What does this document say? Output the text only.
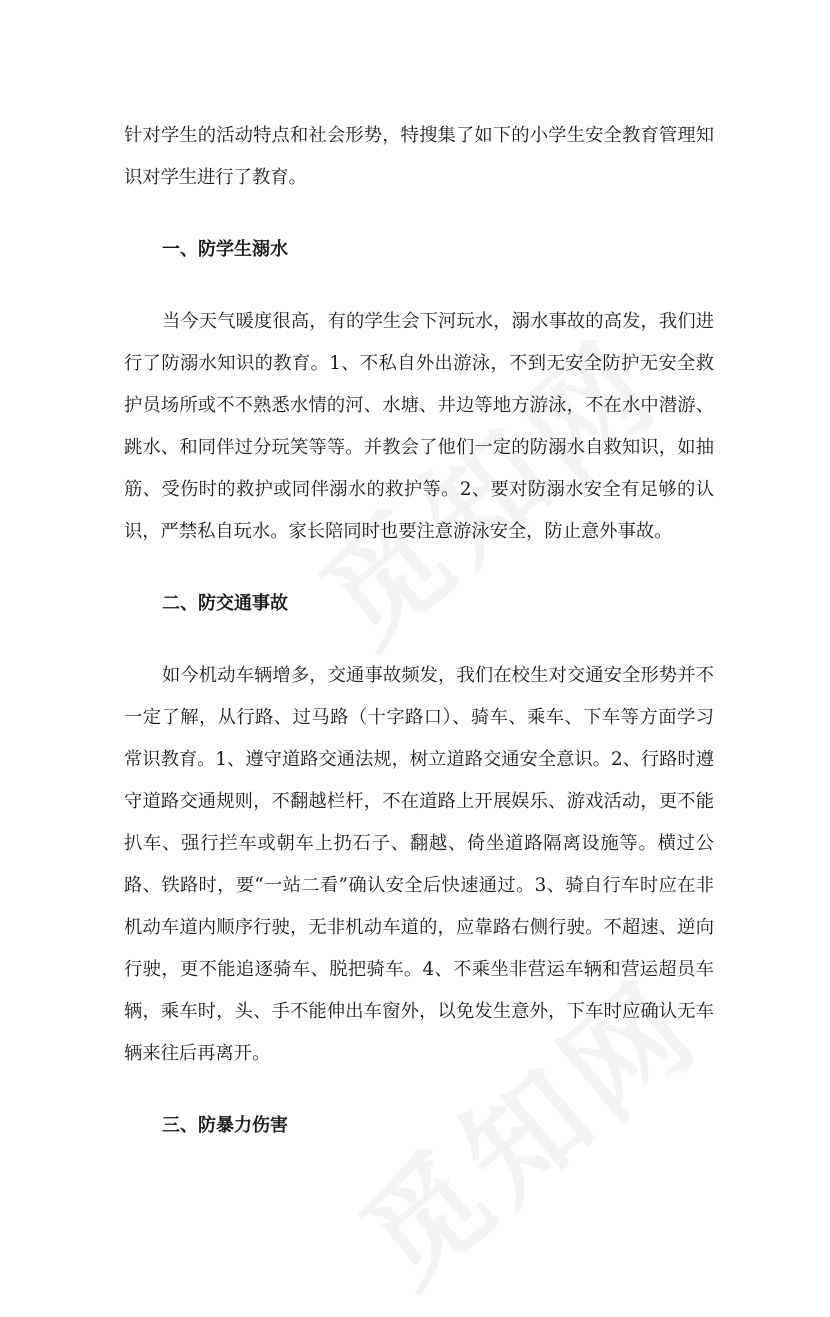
针对学生的活动特点和社会形势，特搜集了如下的小学生安全教育管理知识对学生进行了教育。

一、防学生溺水

当今天气暖度很高，有的学生会下河玩水，溺水事故的高发，我们进行了防溺水知识的教育。1、不私自外出游泳，不到无安全防护无安全救护员场所或不不熟悉水情的河、水塘、井边等地方游泳，不在水中潜游、跳水、和同伴过分玩笑等等。并教会了他们一定的防溺水自救知识，如抽筋、受伤时的救护或同伴溺水的救护等。2、要对防溺水安全有足够的认识，严禁私自玩水。家长陪同时也要注意游泳安全，防止意外事故。

二、防交通事故

如今机动车辆增多，交通事故频发，我们在校生对交通安全形势并不一定了解，从行路、过马路（十字路口）、骑车、乘车、下车等方面学习常识教育。1、遵守道路交通法规，树立道路交通安全意识。2、行路时遵守道路交通规则，不翻越栏杆，不在道路上开展娱乐、游戏活动，更不能扒车、强行拦车或朝车上扔石子、翻越、倚坐道路隔离设施等。横过公路、铁路时，要“一站二看”确认安全后快速通过。3、骑自行车时应在非机动车道内顺序行驶，无非机动车道的，应靠路右侧行驶。不超速、逆向行驶，更不能追逐骑车、脱把骑车。4、不乘坐非营运车辆和营运超员车辆，乘车时，头、手不能伸出车窗外，以免发生意外，下车时应确认无车辆来往后再离开。

三、防暴力伤害
